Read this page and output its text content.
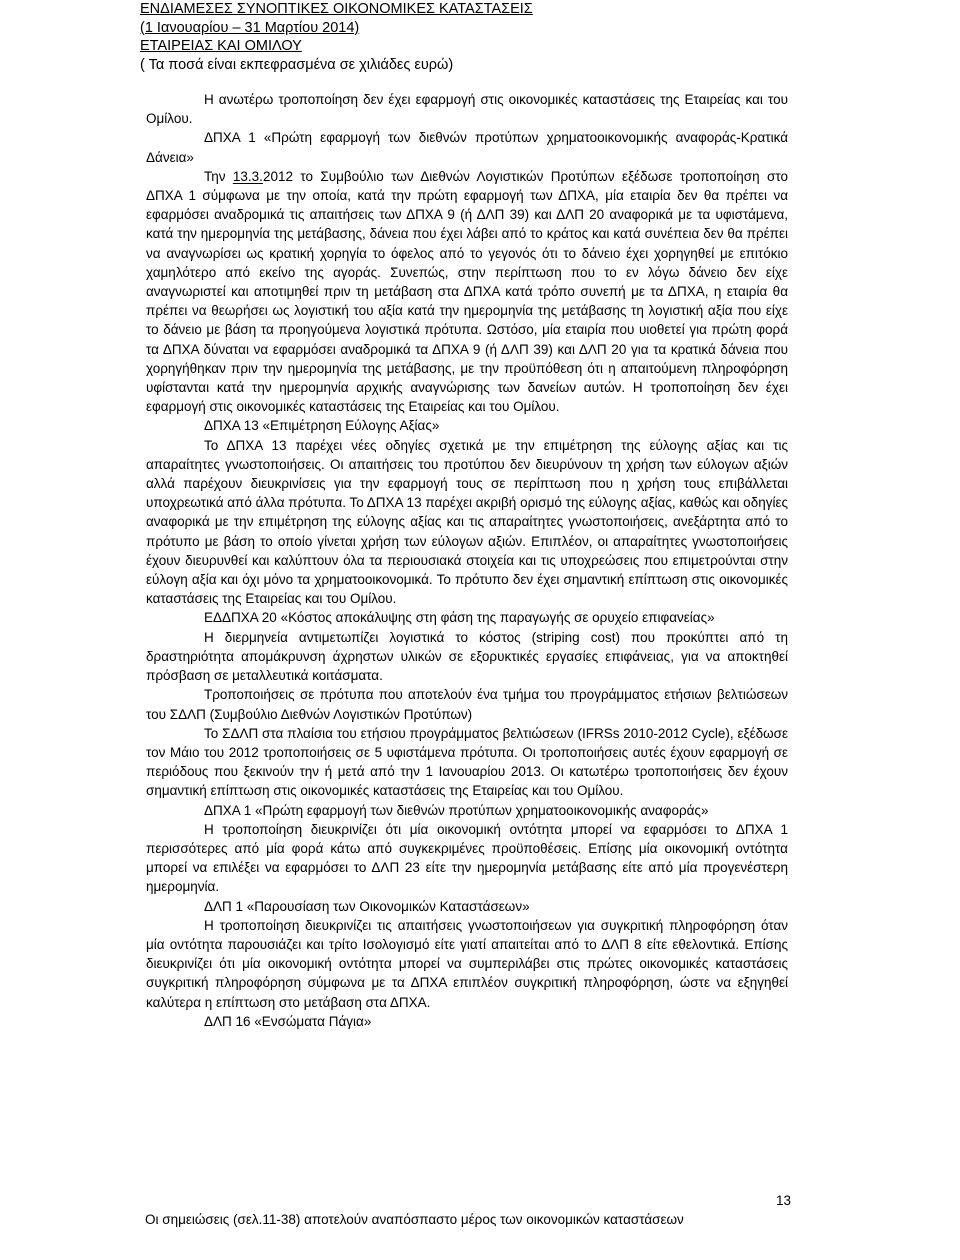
ΕΝΔΙΑΜΕΣΕΣ ΣΥΝΟΠΤΙΚΕΣ ΟΙΚΟΝΟΜΙΚΕΣ ΚΑΤΑΣΤΑΣΕΙΣ

(1 Ιανουαρίου – 31 Μαρτίου 2014)

ΕΤΑΙΡΕΙΑΣ ΚΑΙ ΟΜΙΛΟΥ

( Τα ποσά είναι εκπεφρασμένα σε χιλιάδες ευρώ)

Η ανωτέρω τροποποίηση δεν έχει εφαρμογή στις οικονομικές καταστάσεις της Εταιρείας και του Ομίλου.

ΔΠΧΑ 1 «Πρώτη εφαρμογή των διεθνών προτύπων χρηματοοικονομικής αναφοράς-Κρατικά Δάνεια»

Την 13.3.2012 το Συμβούλιο των Διεθνών Λογιστικών Προτύπων εξέδωσε τροποποίηση στο ΔΠΧΑ 1 σύμφωνα με την οποία, κατά την πρώτη εφαρμογή των ΔΠΧΑ, μία εταιρία δεν θα πρέπει να εφαρμόσει αναδρομικά τις απαιτήσεις των ΔΠΧΑ 9 (ή ΔΛΠ 39) και ΔΛΠ 20 αναφορικά με τα υφιστάμενα, κατά την ημερομηνία της μετάβασης, δάνεια που έχει λάβει από το κράτος και κατά συνέπεια δεν θα πρέπει να αναγνωρίσει ως κρατική χορηγία το όφελος από το γεγονός ότι το δάνειο έχει χορηγηθεί με επιτόκιο χαμηλότερο από εκείνο της αγοράς. Συνεπώς, στην περίπτωση που το εν λόγω δάνειο δεν είχε αναγνωριστεί και αποτιμηθεί πριν τη μετάβαση στα ΔΠΧΑ κατά τρόπο συνεπή με τα ΔΠΧΑ, η εταιρία θα πρέπει να θεωρήσει ως λογιστική του αξία κατά την ημερομηνία της μετάβασης τη λογιστική αξία που είχε το δάνειο με βάση τα προηγούμενα λογιστικά πρότυπα. Ωστόσο, μία εταιρία που υιοθετεί για πρώτη φορά τα ΔΠΧΑ δύναται να εφαρμόσει αναδρομικά τα ΔΠΧΑ 9 (ή ΔΛΠ 39) και ΔΛΠ 20 για τα κρατικά δάνεια που χορηγήθηκαν πριν την ημερομηνία της μετάβασης, με την προϋπόθεση ότι η απαιτούμενη πληροφόρηση υφίστανται κατά την ημερομηνία αρχικής αναγνώρισης των δανείων αυτών. Η τροποποίηση δεν έχει εφαρμογή στις οικονομικές καταστάσεις της Εταιρείας και του Ομίλου.

ΔΠΧΑ 13 «Επιμέτρηση Εύλογης Αξίας»

Το ΔΠΧΑ 13 παρέχει νέες οδηγίες σχετικά με την επιμέτρηση της εύλογης αξίας και τις απαραίτητες γνωστοποιήσεις. Οι απαιτήσεις του προτύπου δεν διευρύνουν τη χρήση των εύλογων αξιών αλλά παρέχουν διευκρινίσεις για την εφαρμογή τους σε περίπτωση που η χρήση τους επιβάλλεται υποχρεωτικά από άλλα πρότυπα. Το ΔΠΧΑ 13 παρέχει ακριβή ορισμό της εύλογης αξίας, καθώς και οδηγίες αναφορικά με την επιμέτρηση της εύλογης αξίας και τις απαραίτητες γνωστοποιήσεις, ανεξάρτητα από το πρότυπο με βάση το οποίο γίνεται χρήση των εύλογων αξιών. Επιπλέον, οι απαραίτητες γνωστοποιήσεις έχουν διευρυνθεί και καλύπτουν όλα τα περιουσιακά στοιχεία και τις υποχρεώσεις που επιμετρούνται στην εύλογη αξία και όχι μόνο τα χρηματοοικονομικά. Το πρότυπο δεν έχει σημαντική επίπτωση στις οικονομικές καταστάσεις της Εταιρείας και του Ομίλου.

ΕΔΔΠΧΑ 20 «Κόστος αποκάλυψης στη φάση της παραγωγής σε ορυχείο επιφανείας»

Η διερμηνεία αντιμετωπίζει λογιστικά το κόστος (striping cost) που προκύπτει από τη δραστηριότητα απομάκρυνση άχρηστων υλικών σε εξορυκτικές εργασίες επιφάνειας, για να αποκτηθεί πρόσβαση σε μεταλλευτικά κοιτάσματα.

Τροποποιήσεις σε πρότυπα που αποτελούν ένα τμήμα του προγράμματος ετήσιων βελτιώσεων του ΣΔΛΠ (Συμβούλιο Διεθνών Λογιστικών Προτύπων)

Το ΣΔΛΠ στα πλαίσια του ετήσιου προγράμματος βελτιώσεων (IFRSs 2010-2012 Cycle), εξέδωσε τον Μάιο του 2012 τροποποιήσεις σε 5 υφιστάμενα πρότυπα. Οι τροποποιήσεις αυτές έχουν εφαρμογή σε περιόδους που ξεκινούν την ή μετά από την 1 Ιανουαρίου 2013. Οι κατωτέρω τροποποιήσεις δεν έχουν σημαντική επίπτωση στις οικονομικές καταστάσεις της Εταιρείας και του Ομίλου.

ΔΠΧΑ 1 «Πρώτη εφαρμογή των διεθνών προτύπων χρηματοοικονομικής αναφοράς»

Η τροποποίηση διευκρινίζει ότι μία οικονομική οντότητα μπορεί να εφαρμόσει το ΔΠΧΑ 1 περισσότερες από μία φορά κάτω από συγκεκριμένες προϋποθέσεις. Επίσης μία οικονομική οντότητα μπορεί να επιλέξει να εφαρμόσει το ΔΛΠ 23 είτε την ημερομηνία μετάβασης είτε από μία προγενέστερη ημερομηνία.

ΔΛΠ 1 «Παρουσίαση των Οικονομικών Καταστάσεων»

Η τροποποίηση διευκρινίζει τις απαιτήσεις γνωστοποιήσεων για συγκριτική πληροφόρηση όταν μία οντότητα παρουσιάζει και τρίτο Ισολογισμό είτε γιατί απαιτείται από το ΔΛΠ 8 είτε εθελοντικά. Επίσης διευκρινίζει ότι μία οικονομική οντότητα μπορεί να συμπεριλάβει στις πρώτες οικονομικές καταστάσεις συγκριτική πληροφόρηση σύμφωνα με τα ΔΠΧΑ επιπλέον συγκριτική πληροφόρηση, ώστε να εξηγηθεί καλύτερα η επίπτωση στο μετάβαση στα ΔΠΧΑ.

ΔΛΠ 16 «Ενσώματα Πάγια»

13
Οι σημειώσεις (σελ.11-38) αποτελούν αναπόσπαστο μέρος των οικονομικών καταστάσεων
